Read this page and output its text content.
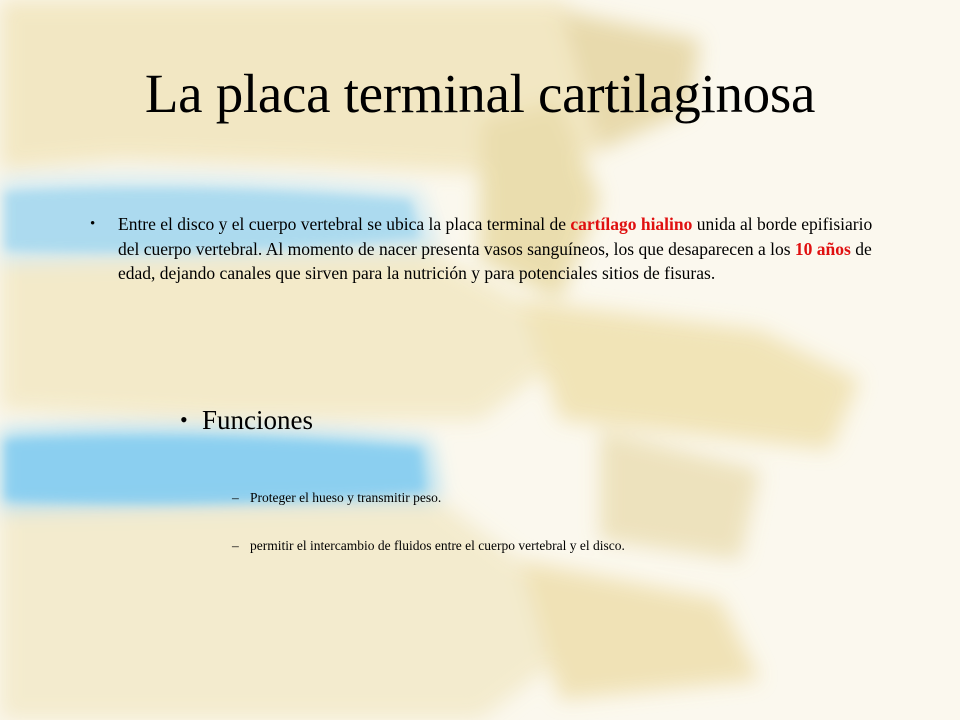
La placa terminal cartilaginosa
•	Entre el disco y el cuerpo vertebral se ubica la placa terminal de cartílago hialino unida al borde epifisiario del cuerpo vertebral. Al momento de nacer presenta vasos sanguíneos, los que desaparecen a los 10 años de edad, dejando canales que sirven para la nutrición y para potenciales sitios de fisuras.

• Funciones
– Proteger el hueso y transmitir peso.
– permitir el intercambio de fluidos entre el cuerpo vertebral y el disco.
